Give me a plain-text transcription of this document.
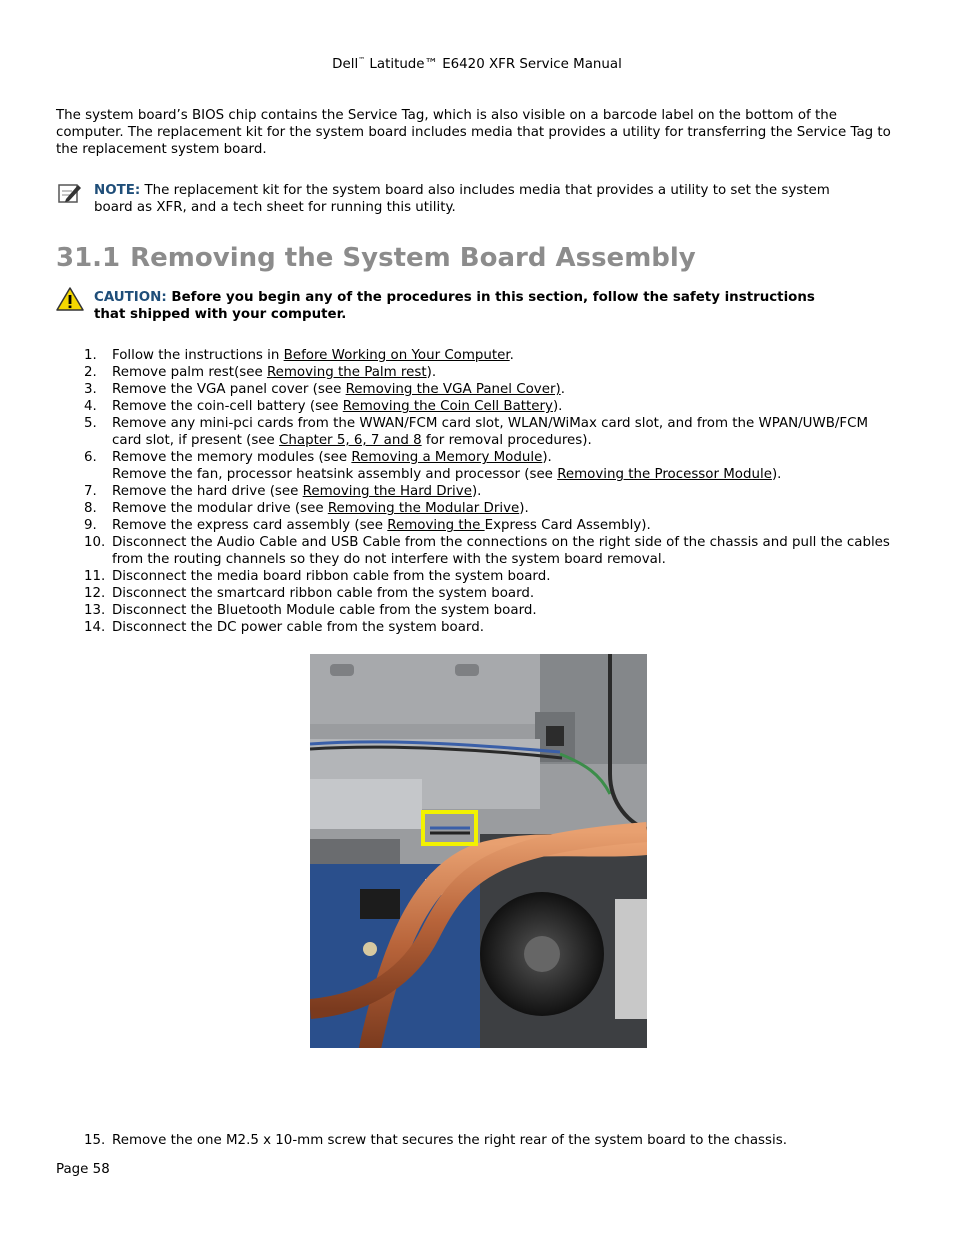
Dell™ Latitude™ E6420 XFR Service Manual
The system board’s BIOS chip contains the Service Tag, which is also visible on a barcode label on the bottom of the computer. The replacement kit for the system board includes media that provides a utility for transferring the Service Tag to the replacement system board.
NOTE: The replacement kit for the system board also includes media that provides a utility to set the system board as XFR, and a tech sheet for running this utility.
31.1 Removing the System Board Assembly
CAUTION: Before you begin any of the procedures in this section, follow the safety instructions that shipped with your computer.
1.	Follow the instructions in Before Working on Your Computer.
2.	Remove palm rest(see Removing the Palm rest).
3.	Remove the VGA panel cover (see Removing the VGA Panel Cover).
4.	Remove the coin-cell battery (see Removing the Coin Cell Battery).
5.	Remove any mini-pci cards from the WWAN/FCM card slot, WLAN/WiMax card slot, and from the WPAN/UWB/FCM card slot, if present (see Chapter 5, 6, 7 and 8 for removal procedures).
6.	Remove the memory modules (see Removing a Memory Module).
Remove the fan, processor heatsink assembly and processor (see Removing the Processor Module).
7.	Remove the hard drive (see Removing the Hard Drive).
8.	Remove the modular drive (see Removing the Modular Drive).
9.	Remove the express card assembly (see Removing the Express Card Assembly).
10. Disconnect the Audio Cable and USB Cable from the connections on the right side of the chassis and pull the cables from the routing channels so they do not interfere with the system board removal.
11. Disconnect the media board ribbon cable from the system board.
12. Disconnect the smartcard ribbon cable from the system board.
13. Disconnect the Bluetooth Module cable from the system board.
14. Disconnect the DC power cable from the system board.
15. Remove the one M2.5 x 10-mm screw that secures the right rear of the system board to the chassis.
Page 58
